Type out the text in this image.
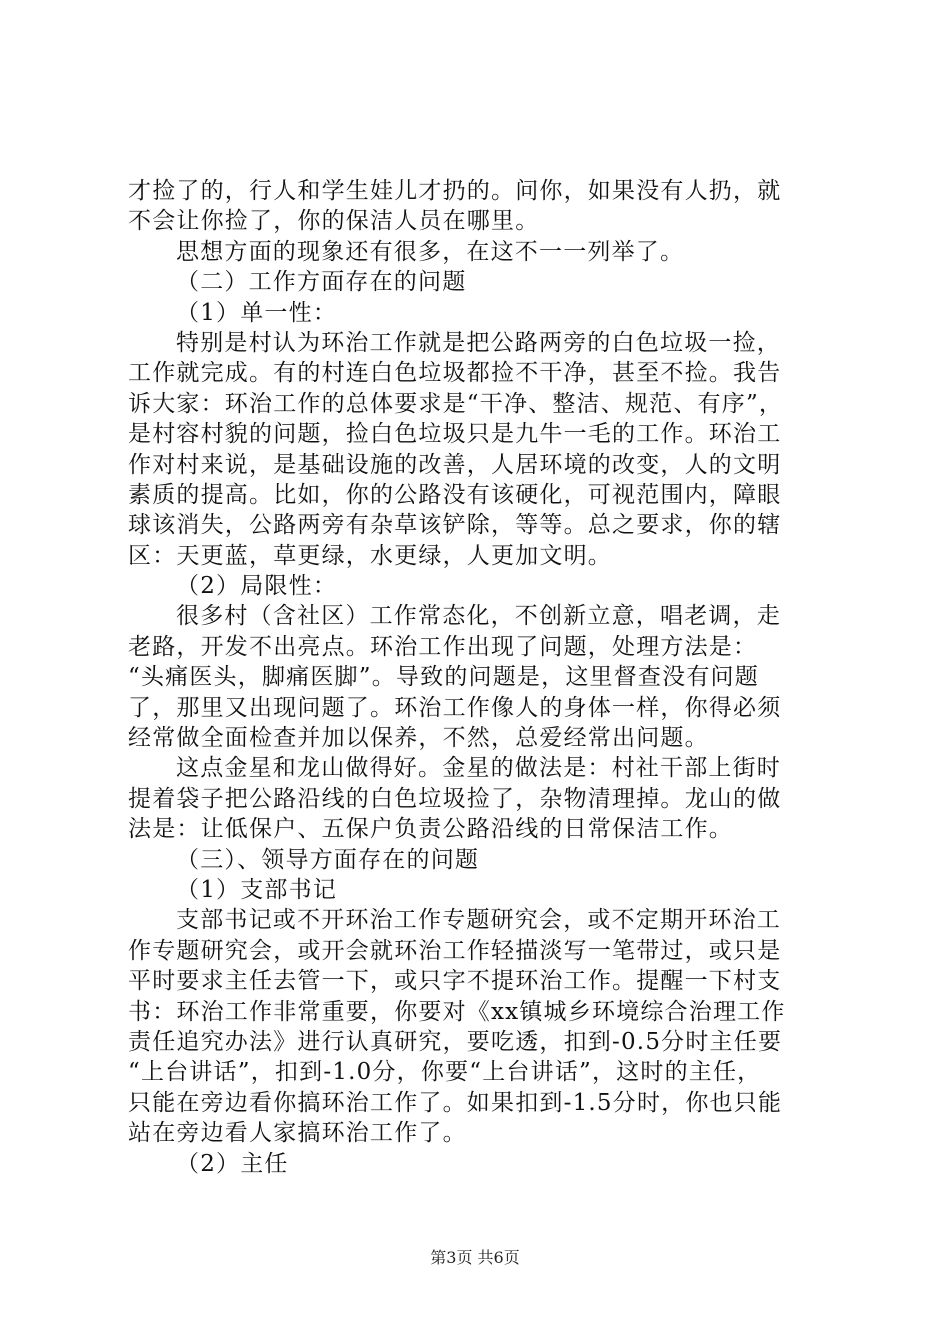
才捡了的，行人和学生娃儿才扔的。问你，如果没有人扔，就
不会让你捡了，你的保洁人员在哪里。
思想方面的现象还有很多，在这不一一列举了。
（二）工作方面存在的问题
（1）单一性：
特别是村认为环治工作就是把公路两旁的白色垃圾一捡，
工作就完成。有的村连白色垃圾都捡不干净，甚至不捡。我告
诉大家：环治工作的总体要求是“干净、整洁、规范、有序”，
是村容村貌的问题，捡白色垃圾只是九牛一毛的工作。环治工
作对村来说，是基础设施的改善，人居环境的改变，人的文明
素质的提高。比如，你的公路没有该硬化，可视范围内，障眼
球该消失，公路两旁有杂草该铲除，等等。总之要求，你的辖
区：天更蓝，草更绿，水更绿，人更加文明。
（2）局限性：
很多村（含社区）工作常态化，不创新立意，唱老调，走
老路，开发不出亮点。环治工作出现了问题，处理方法是：
“头痛医头，脚痛医脚”。导致的问题是，这里督查没有问题
了，那里又出现问题了。环治工作像人的身体一样，你得必须
经常做全面检查并加以保养，不然，总爱经常出问题。
这点金星和龙山做得好。金星的做法是：村社干部上街时
提着袋子把公路沿线的白色垃圾捡了，杂物清理掉。龙山的做
法是：让低保户、五保户负责公路沿线的日常保洁工作。
（三）、领导方面存在的问题
（1）支部书记
支部书记或不开环治工作专题研究会，或不定期开环治工
作专题研究会，或开会就环治工作轻描淡写一笔带过，或只是
平时要求主任去管一下，或只字不提环治工作。提醒一下村支
书：环治工作非常重要，你要对《xx镇城乡环境综合治理工作
责任追究办法》进行认真研究，要吃透，扣到-0.5分时主任要
“上台讲话”，扣到-1.0分，你要“上台讲话”，这时的主任，
只能在旁边看你搞环治工作了。如果扣到-1.5分时，你也只能
站在旁边看人家搞环治工作了。
（2）主任
第3页 共6页
